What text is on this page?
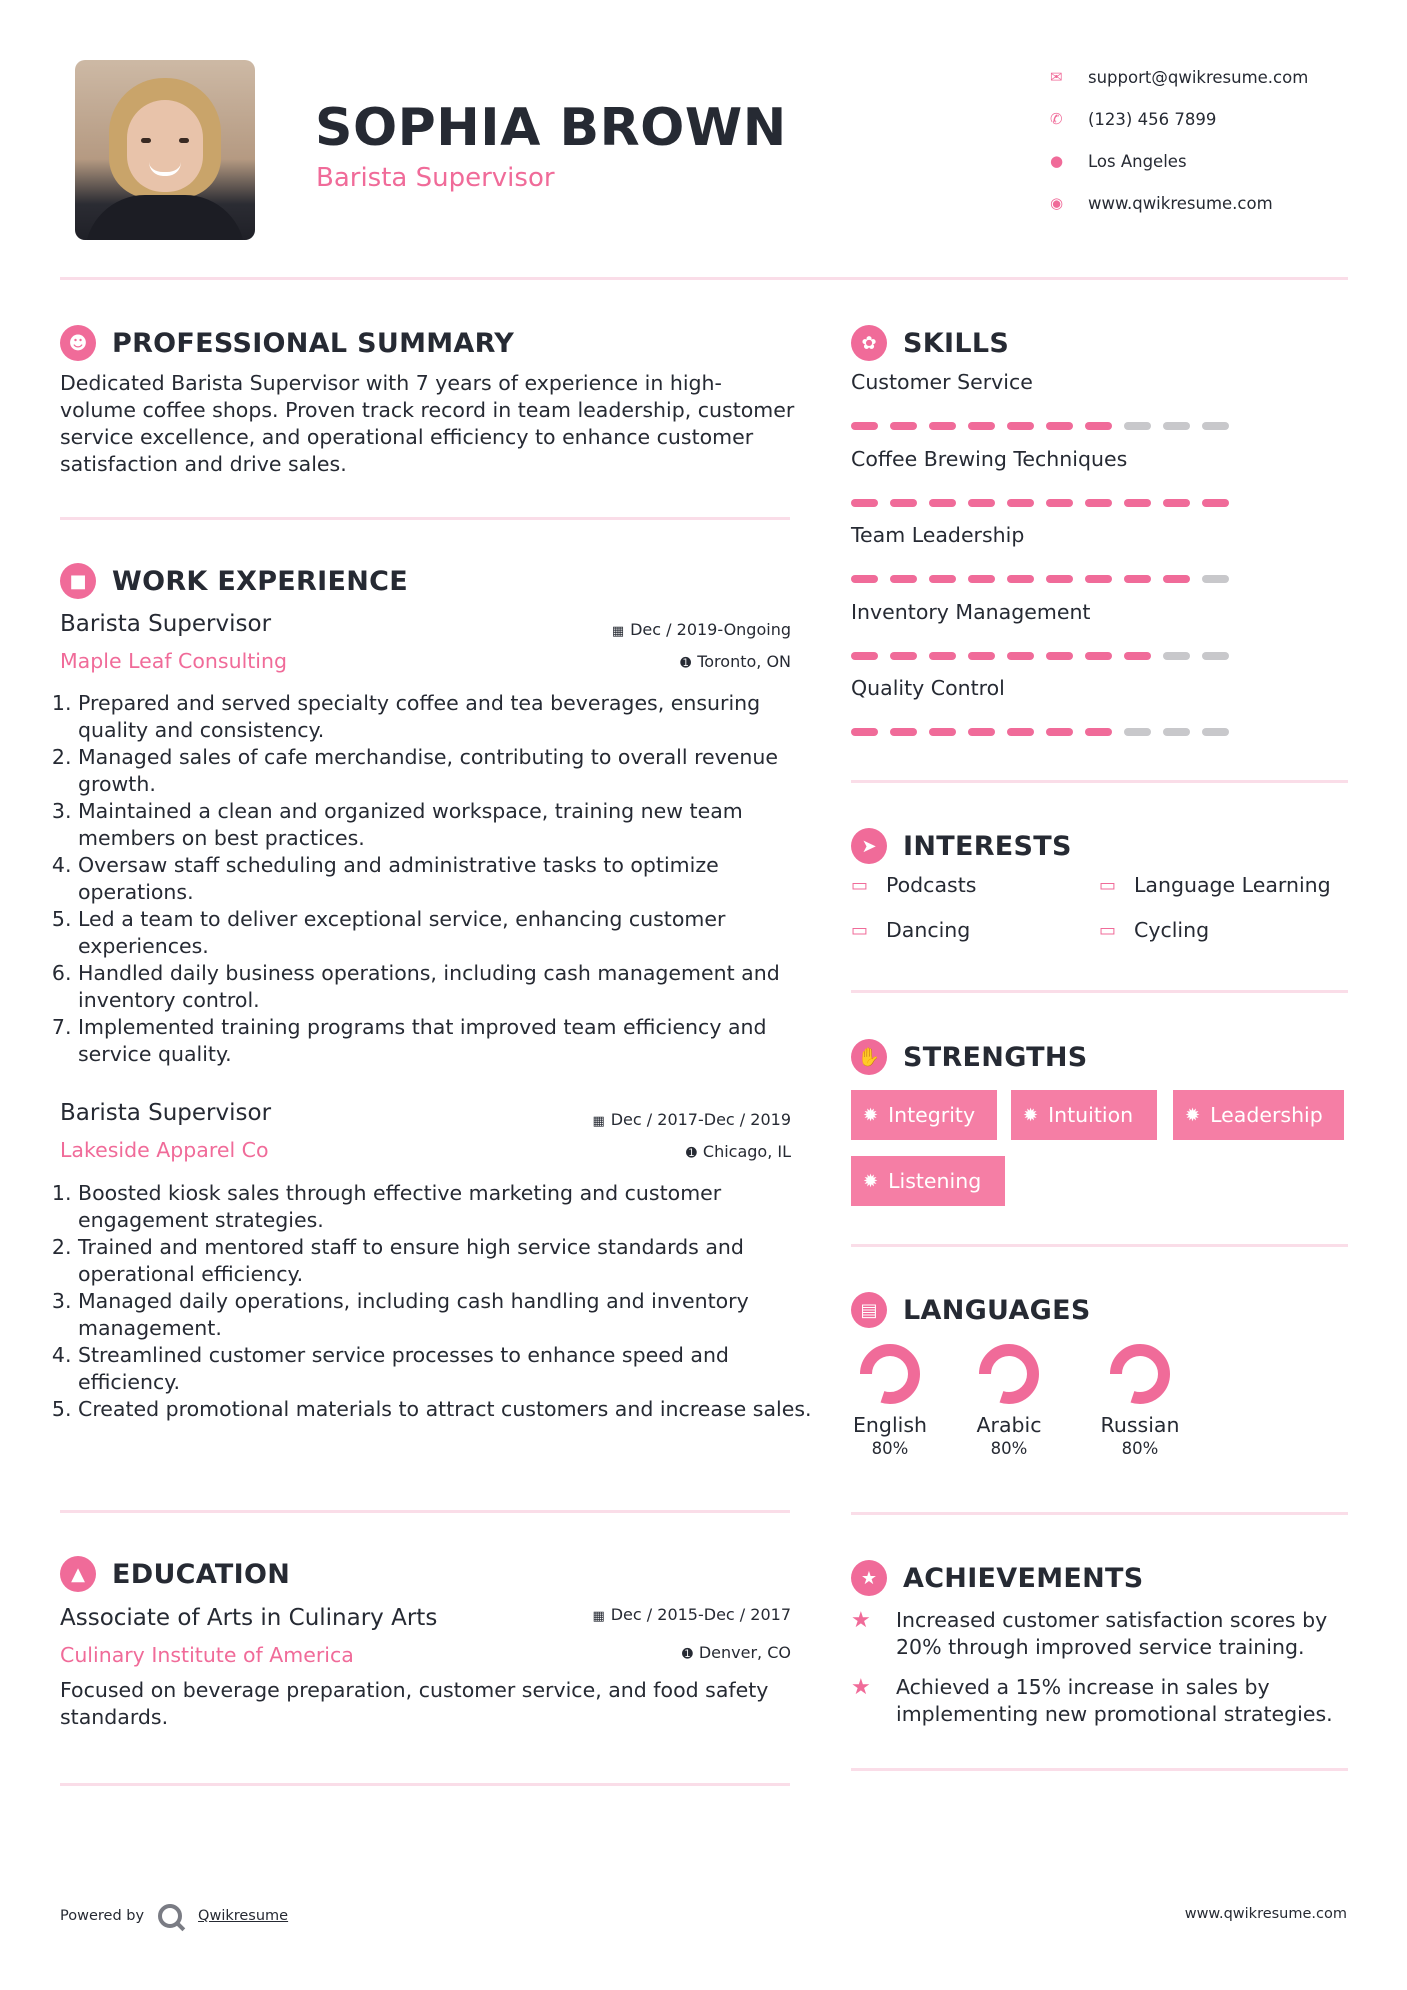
SOPHIA BROWN
Barista Supervisor
✉	support@qwikresume.com
✆	(123) 456 7899
●	Los Angeles
◉	www.qwikresume.com
☻ PROFESSIONAL SUMMARY
Dedicated Barista Supervisor with 7 years of experience in high-volume coffee shops. Proven track record in team leadership, customer service excellence, and operational efficiency to enhance customer satisfaction and drive sales.
■ WORK EXPERIENCE
Barista Supervisor
Maple Leaf Consulting
▦ Dec / 2019-Ongoing
➊ Toronto, ON
1. Prepared and served specialty coffee and tea beverages, ensuring quality and consistency.
2. Managed sales of cafe merchandise, contributing to overall revenue growth.
3. Maintained a clean and organized workspace, training new team members on best practices.
4. Oversaw staff scheduling and administrative tasks to optimize operations.
5. Led a team to deliver exceptional service, enhancing customer experiences.
6. Handled daily business operations, including cash management and inventory control.
7. Implemented training programs that improved team efficiency and service quality.
Barista Supervisor
Lakeside Apparel Co
▦ Dec / 2017-Dec / 2019
➊ Chicago, IL
1. Boosted kiosk sales through effective marketing and customer engagement strategies.
2. Trained and mentored staff to ensure high service standards and operational efficiency.
3. Managed daily operations, including cash handling and inventory management.
4. Streamlined customer service processes to enhance speed and efficiency.
5. Created promotional materials to attract customers and increase sales.
▲	EDUCATION
Associate of Arts in Culinary Arts
Culinary Institute of America
▦ Dec / 2015-Dec / 2017
➊ Denver, CO
Focused on beverage preparation, customer service, and food safety standards.
✿ SKILLS
Customer Service
Coffee Brewing Techniques
Team Leadership
Inventory Management
Quality Control
➤ INTERESTS
▭ Podcasts	▭ Language Learning
▭ Dancing	▭ Cycling
✋ STRENGTHS
✹ Integrity	✹ Intuition	✹ Leadership
✹ Listening
▤ LANGUAGES
English
80%
Arabic
80%
Russian
80%
★ ACHIEVEMENTS
★	Increased customer satisfaction scores by 20% through improved service training.
★	Achieved a 15% increase in sales by implementing new promotional strategies.
Powered by	Qwikresume	www.qwikresume.com
